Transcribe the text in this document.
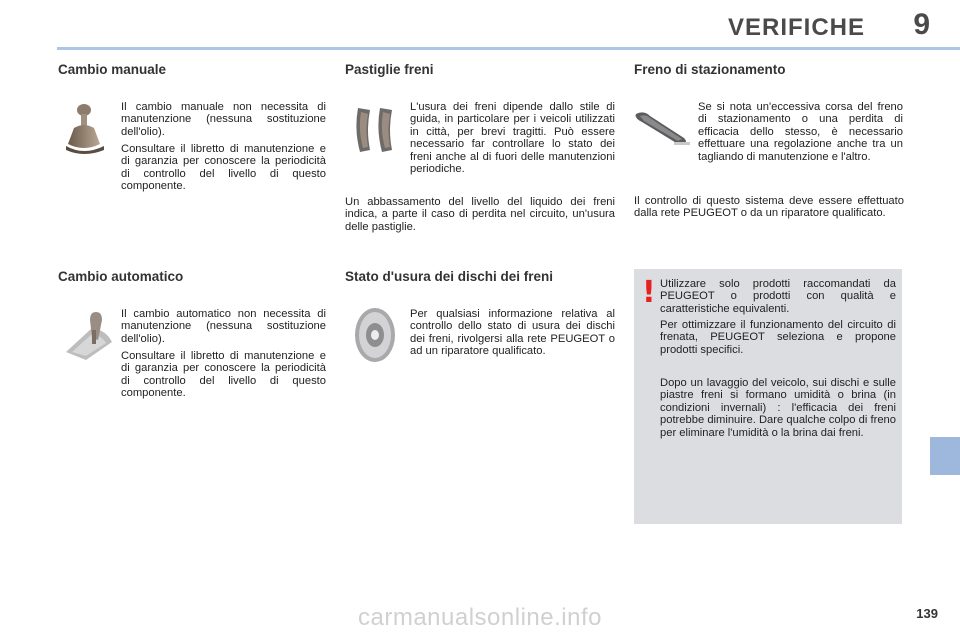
VERIFICHE 9
Cambio manuale

Il cambio manuale non necessita di manutenzione (nessuna sostituzione dell'olio).

Consultare il libretto di manutenzione e di garanzia per conoscere la periodicità di controllo del livello di questo componente.

Pastiglie freni

L'usura dei freni dipende dallo stile di guida, in particolare per i veicoli utilizzati in città, per brevi tragitti. Può essere necessario far controllare lo stato dei freni anche al di fuori delle manutenzioni periodiche.

Un abbassamento del livello del liquido dei freni indica, a parte il caso di perdita nel circuito, un'usura delle pastiglie.

Freno di stazionamento

Se si nota un'eccessiva corsa del freno di stazionamento o una perdita di efficacia dello stesso, è necessario effettuare una regolazione anche tra un tagliando di manutenzione e l'altro.

Il controllo di questo sistema deve essere effettuato dalla rete PEUGEOT o da un riparatore qualificato.

Cambio automatico

Il cambio automatico non necessita di manutenzione (nessuna sostituzione dell'olio).

Consultare il libretto di manutenzione e di garanzia per conoscere la periodicità di controllo del livello di questo componente.

Stato d'usura dei dischi dei freni

Per qualsiasi informazione relativa al controllo dello stato di usura dei dischi dei freni, rivolgersi alla rete PEUGEOT o ad un riparatore qualificato.

! Utilizzare solo prodotti raccomandati da PEUGEOT o prodotti con qualità e caratteristiche equivalenti.

Per ottimizzare il funzionamento del circuito di frenata, PEUGEOT seleziona e propone prodotti specifici.

Dopo un lavaggio del veicolo, sui dischi e sulle piastre freni si formano umidità o brina (in condizioni invernali) : l'efficacia dei freni potrebbe diminuire. Dare qualche colpo di freno per eliminare l'umidità o la brina dai freni.

139
carmanualsonline.info
